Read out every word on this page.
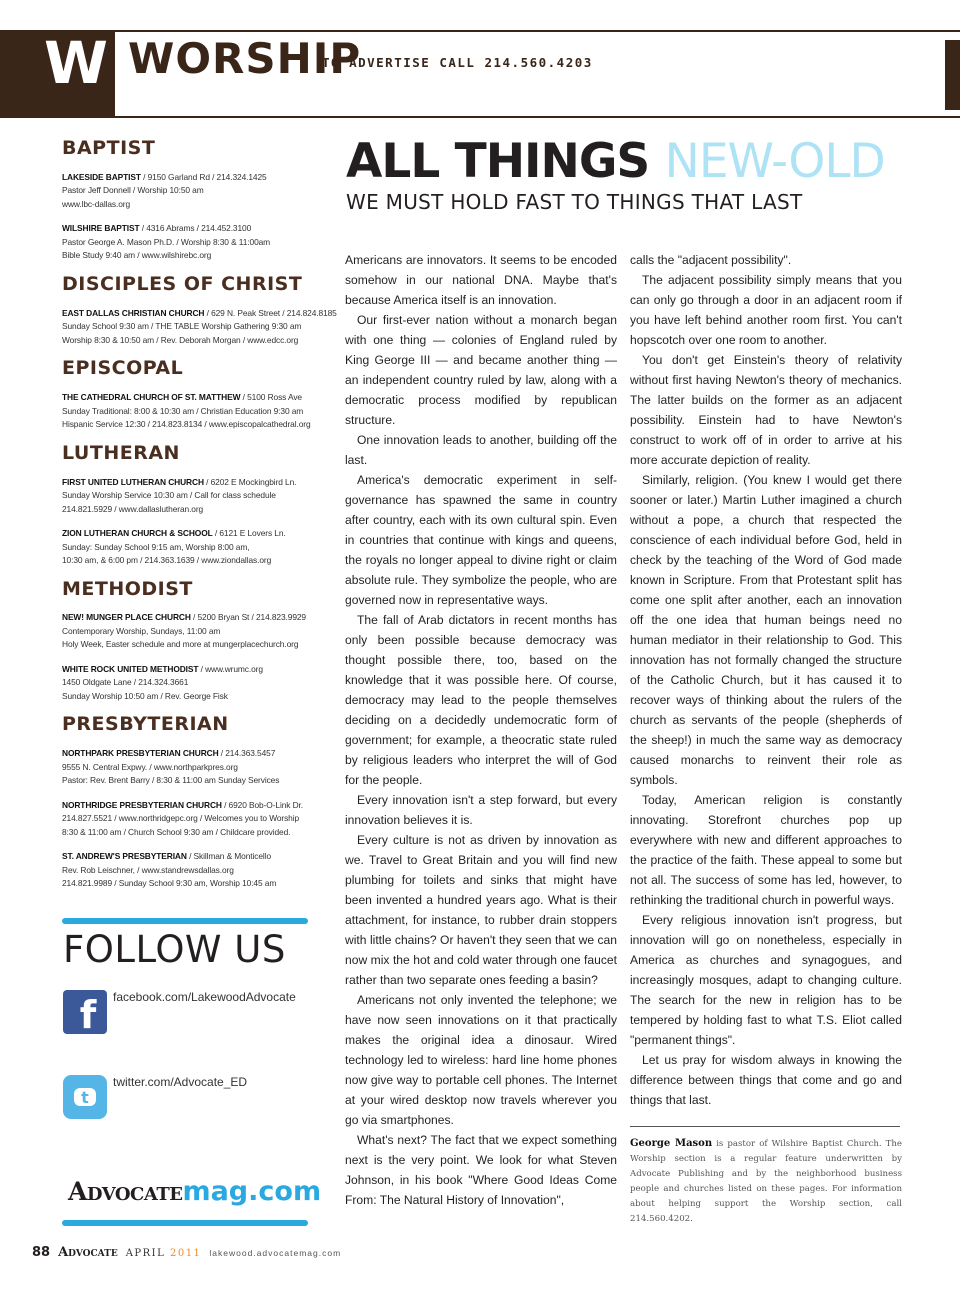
W WORSHIP
TO ADVERTISE CALL 214.560.4203
BAPTIST
LAKESIDE BAPTIST / 9150 Garland Rd / 214.324.1425
Pastor Jeff Donnell / Worship 10:50 am
www.lbc-dallas.org
WILSHIRE BAPTIST / 4316 Abrams / 214.452.3100
Pastor George A. Mason Ph.D. / Worship 8:30 & 11:00am
Bible Study 9:40 am / www.wilshirebc.org
DISCIPLES OF CHRIST
EAST DALLAS CHRISTIAN CHURCH / 629 N. Peak Street / 214.824.8185
Sunday School 9:30 am / THE TABLE Worship Gathering 9:30 am
Worship 8:30 & 10:50 am / Rev. Deborah Morgan / www.edcc.org
EPISCOPAL
THE CATHEDRAL CHURCH OF ST. MATTHEW / 5100 Ross Ave
Sunday Traditional: 8:00 & 10:30 am / Christian Education 9:30 am
Hispanic Service 12:30 / 214.823.8134 / www.episcopalcathedral.org
LUTHERAN
FIRST UNITED LUTHERAN CHURCH / 6202 E Mockingbird Ln.
Sunday Worship Service 10:30 am / Call for class schedule
214.821.5929 / www.dallaslutheran.org
ZION LUTHERAN CHURCH & SCHOOL / 6121 E Lovers Ln.
Sunday: Sunday School 9:15 am, Worship 8:00 am,
10:30 am, & 6:00 pm / 214.363.1639 / www.ziondallas.org
METHODIST
NEW! MUNGER PLACE CHURCH / 5200 Bryan St / 214.823.9929
Contemporary Worship, Sundays, 11:00 am
Holy Week, Easter schedule and more at mungerplacechurch.org
WHITE ROCK UNITED METHODIST / www.wrumc.org
1450 Oldgate Lane / 214.324.3661
Sunday Worship 10:50 am / Rev. George Fisk
PRESBYTERIAN
NORTHPARK PRESBYTERIAN CHURCH / 214.363.5457
9555 N. Central Expwy. / www.northparkpres.org
Pastor: Rev. Brent Barry / 8:30 & 11:00 am Sunday Services
NORTHRIDGE PRESBYTERIAN CHURCH / 6920 Bob-O-Link Dr.
214.827.5521 / www.northridgepc.org / Welcomes you to Worship
8:30 & 11:00 am / Church School 9:30 am / Childcare provided.
ST. ANDREW'S PRESBYTERIAN / Skillman & Monticello
Rev. Rob Leischner, / www.standrewsdallas.org
214.821.9989 / Sunday School 9:30 am, Worship 10:45 am
FOLLOW US
f	facebook.com/LakewoodAdvocate
t
twitter.com/Advocate_ED
Advocatemag.com
88 Advocate APRIL 2011 lakewood.advocatemag.com
ALL THINGS NEW-OLD
WE MUST HOLD FAST TO THINGS THAT LAST

Americans are innovators. It seems to be encoded somehow in our national DNA. Maybe that's because America itself is an innovation.

Our first-ever nation without a monarch began with one thing — colonies of England ruled by King George III — and became another thing — an independent country ruled by law, along with a democratic process modified by republican structure.

One innovation leads to another, building off the last.

America's democratic experiment in self-governance has spawned the same in country after country, each with its own cultural spin. Even in countries that continue with kings and queens, the royals no longer appeal to divine right or claim absolute rule. They symbolize the people, who are governed now in representative ways.

The fall of Arab dictators in recent months has only been possible because democracy was thought possible there, too, based on the knowledge that it was possible here. Of course, democracy may lead to the people themselves deciding on a decidedly undemocratic form of government; for example, a theocratic state ruled by religious leaders who interpret the will of God for the people.

Every innovation isn't a step forward, but every innovation believes it is.

Every culture is not as driven by innovation as we. Travel to Great Britain and you will find new plumbing for toilets and sinks that might have been invented a hundred years ago. What is their attachment, for instance, to rubber drain stoppers with little chains? Or haven't they seen that we can now mix the hot and cold water through one faucet rather than two separate ones feeding a basin?

Americans not only invented the telephone; we have now seen innovations on it that practically makes the original idea a dinosaur. Wired technology led to wireless: hard line home phones now give way to portable cell phones. The Internet at your wired desktop now travels wherever you go via smartphones.

What's next? The fact that we expect something next is the very point. We look for what Steven Johnson, in his book "Where Good Ideas Come From: The Natural History of Innovation",

calls the "adjacent possibility".

The adjacent possibility simply means that you can only go through a door in an adjacent room if you have left behind another room first. You can't hopscotch over one room to another.

You don't get Einstein's theory of relativity without first having Newton's theory of mechanics. The latter builds on the former as an adjacent possibility. Einstein had to have Newton's construct to work off of in order to arrive at his more accurate depiction of reality.

Similarly, religion. (You knew I would get there sooner or later.) Martin Luther imagined a church without a pope, a church that respected the conscience of each individual before God, held in check by the teaching of the Word of God made known in Scripture. From that Protestant split has come one split after another, each an innovation off the one idea that human beings need no human mediator in their relationship to God. This innovation has not formally changed the structure of the Catholic Church, but it has caused it to recover ways of thinking about the rulers of the church as servants of the people (shepherds of the sheep!) in much the same way as democracy caused monarchs to reinvent their role as symbols.

Today, American religion is constantly innovating. Storefront churches pop up everywhere with new and different approaches to the practice of the faith. These appeal to some but not all. The success of some has led, however, to rethinking the traditional church in powerful ways.

Every religious innovation isn't progress, but innovation will go on nonetheless, especially in America as churches and synagogues, and increasingly mosques, adapt to changing culture. The search for the new in religion has to be tempered by holding fast to what T.S. Eliot called "permanent things".

Let us pray for wisdom always in knowing the difference between things that come and go and things that last.

George Mason is pastor of Wilshire Baptist Church. The Worship section is a regular feature underwritten by Advocate Publishing and by the neighborhood business people and churches listed on these pages. For information about helping support the Worship section, call 214.560.4202.
